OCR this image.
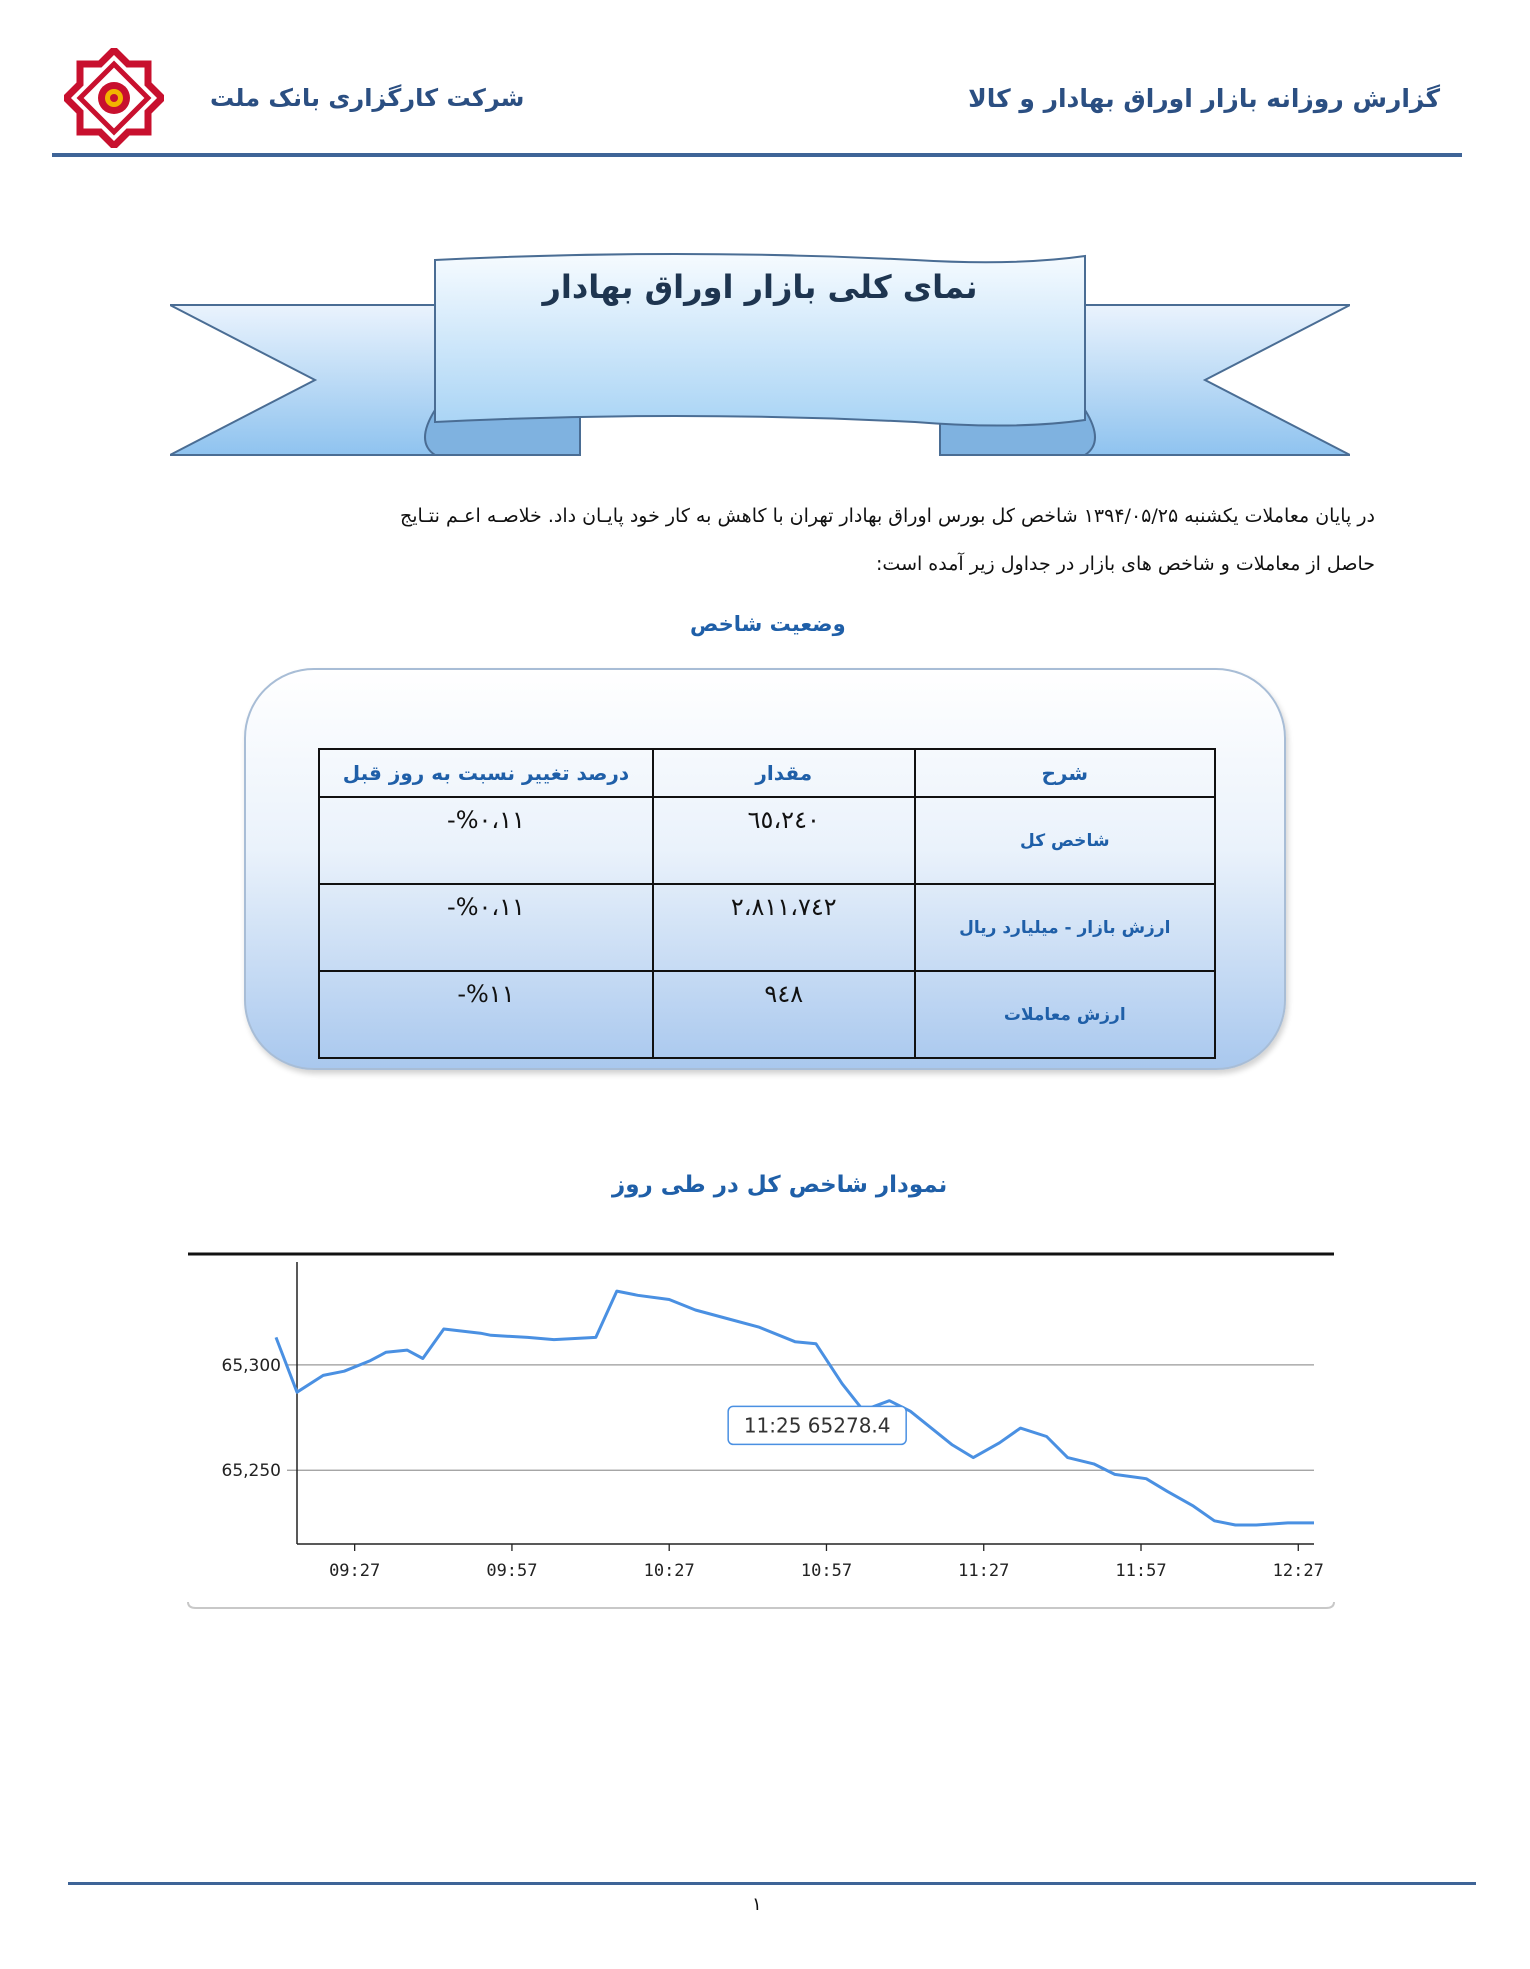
شرکت کارگزاری بانک ملت	گزارش روزانه بازار اوراق بهادار و کالا
نمای کلی بازار اوراق بهادار

در پایان معاملات یکشنبه ۱۳۹۴/۰۵/۲۵ شاخص کل بورس اوراق بهادار تهران با کاهش به کار خود پایـان داد. خلاصـه اعـم نتـایج

حاصل از معاملات و شاخص های بازار در جداول زیر آمده است:

وضعیت شاخص
شرح	مقدار	درصد تغییر نسبت به روز قبل
شاخص کل	٦٥،٢٤٠	-%۰،۱۱
ارزش بازار - میلیارد ریال	۲،۸۱۱،۷٤۲	-%۰،۱۱
ارزش معاملات	۹٤۸	-%۱۱
نمودار شاخص کل در طی روز
65,250
65,300
09:27	09:57	10:27	10:57	11:27	11:57	12:27
11:25 65278.4
۱
